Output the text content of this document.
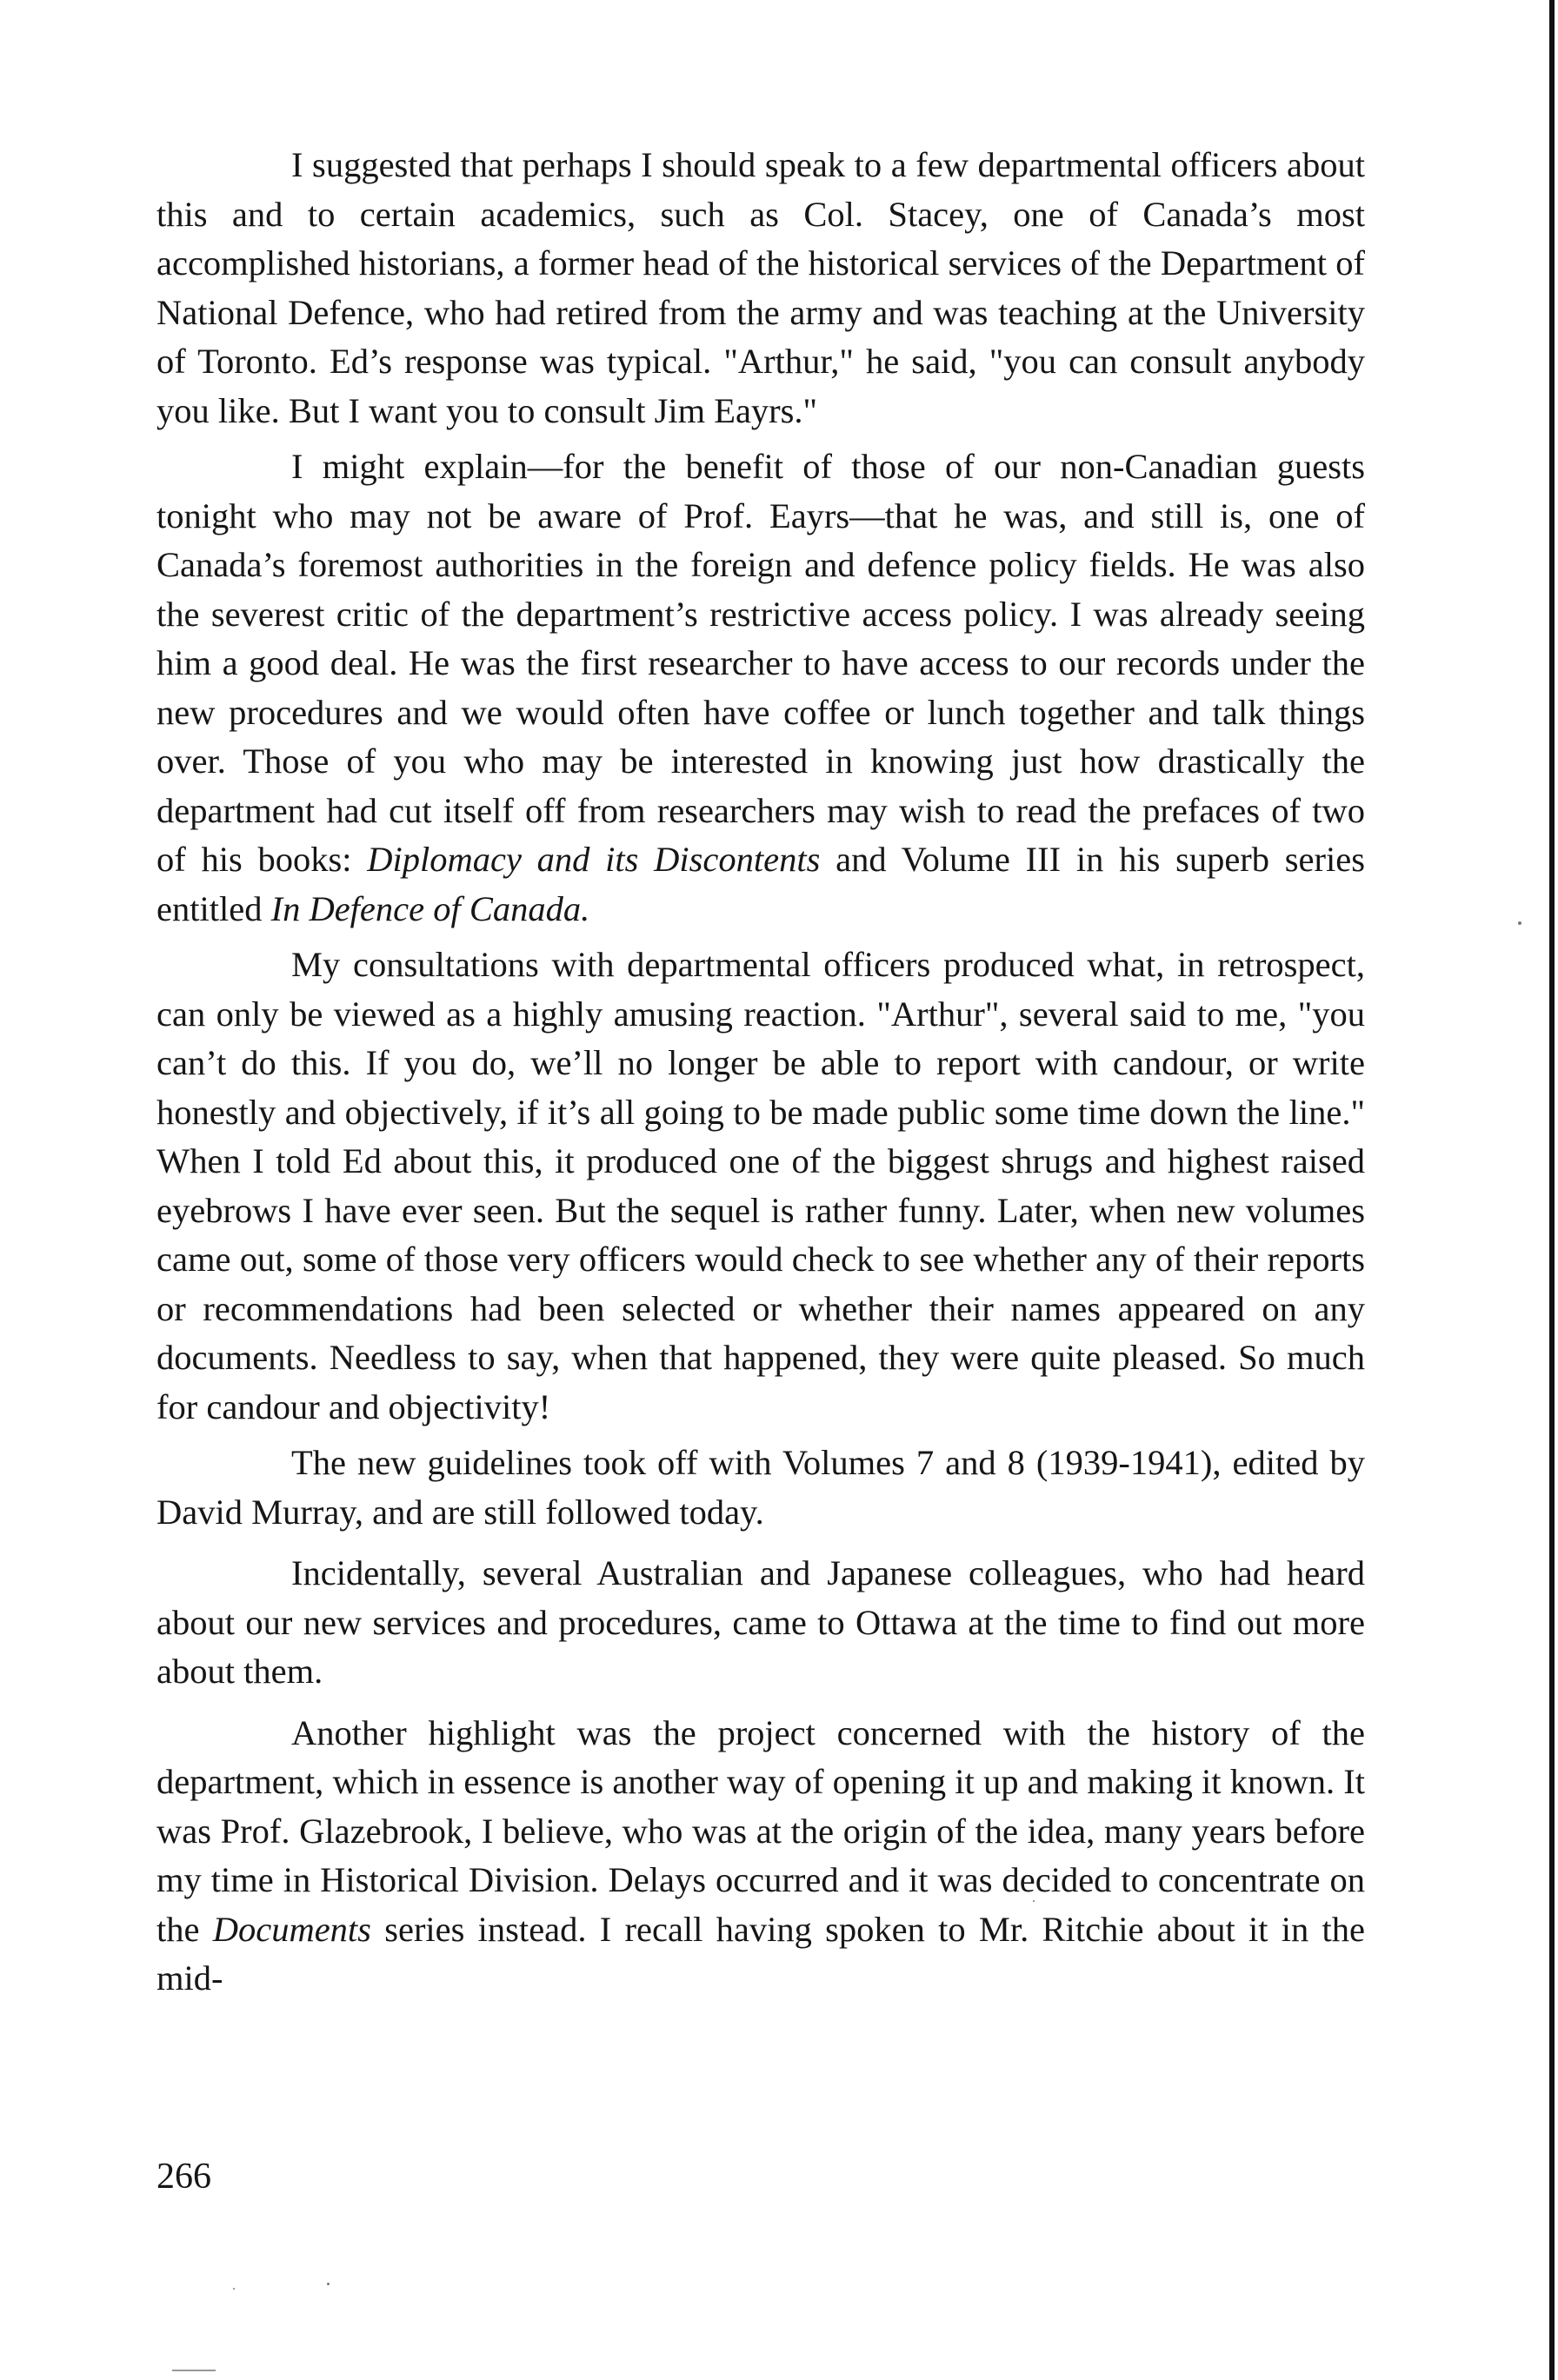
I suggested that perhaps I should speak to a few departmental officers about this and to certain academics, such as Col. Stacey, one of Canada’s most accomplished historians, a former head of the historical services of the Department of National Defence, who had retired from the army and was teaching at the University of Toronto. Ed’s response was typical. "Arthur," he said, "you can consult anybody you like. But I want you to consult Jim Eayrs."

I might explain—for the benefit of those of our non-Canadian guests tonight who may not be aware of Prof. Eayrs—that he was, and still is, one of Canada’s foremost authorities in the foreign and defence policy fields. He was also the severest critic of the department’s restrictive access policy. I was already seeing him a good deal. He was the first researcher to have access to our records under the new procedures and we would often have coffee or lunch together and talk things over. Those of you who may be interested in knowing just how drastically the department had cut itself off from researchers may wish to read the prefaces of two of his books: Diplomacy and its Discontents and Volume III in his superb series entitled In Defence of Canada.

My consultations with departmental officers produced what, in retrospect, can only be viewed as a highly amusing reaction. "Arthur", several said to me, "you can’t do this. If you do, we’ll no longer be able to report with candour, or write honestly and objectively, if it’s all going to be made public some time down the line." When I told Ed about this, it produced one of the biggest shrugs and highest raised eyebrows I have ever seen. But the sequel is rather funny. Later, when new volumes came out, some of those very officers would check to see whether any of their reports or recommendations had been selected or whether their names appeared on any documents. Needless to say, when that happened, they were quite pleased. So much for candour and objectivity!

The new guidelines took off with Volumes 7 and 8 (1939-1941), edited by David Murray, and are still followed today.

Incidentally, several Australian and Japanese colleagues, who had heard about our new services and procedures, came to Ottawa at the time to find out more about them.

Another highlight was the project concerned with the history of the department, which in essence is another way of opening it up and making it known. It was Prof. Glazebrook, I believe, who was at the origin of the idea, many years before my time in Historical Division. Delays occurred and it was decided to concentrate on the Documents series instead. I recall having spoken to Mr. Ritchie about it in the mid-

266
